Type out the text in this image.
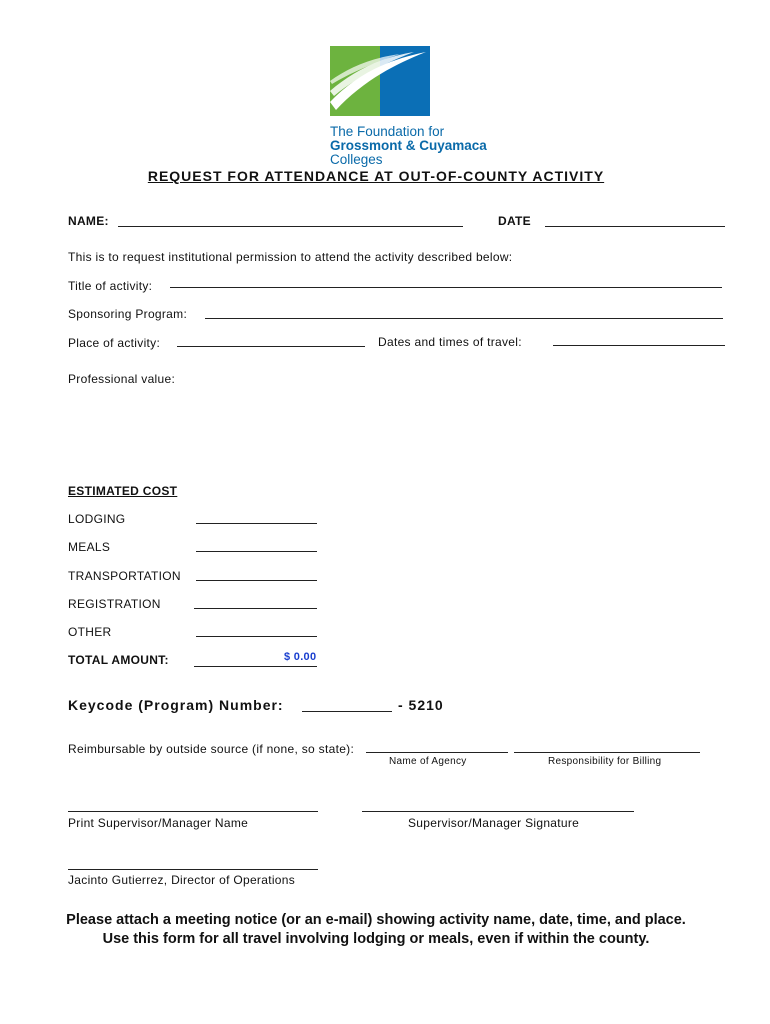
The Foundation for
Grossmont & Cuyamaca Colleges
REQUEST FOR ATTENDANCE AT OUT-OF-COUNTY ACTIVITY
NAME:	DATE
This is to request institutional permission to attend the activity described below:
Title of activity:
Sponsoring Program:
Place of activity:	Dates and times of travel:
Professional value:
ESTIMATED COST
LODGING
MEALS
TRANSPORTATION
REGISTRATION
OTHER
TOTAL AMOUNT:	$ 0.00
Keycode (Program) Number:	- 5210
Reimbursable by outside source (if none, so state):
Name of Agency	Responsibility for Billing
Print Supervisor/Manager Name	Supervisor/Manager Signature
Jacinto Gutierrez, Director of Operations
Please attach a meeting notice (or an e-mail) showing activity name, date, time, and place.
Use this form for all travel involving lodging or meals, even if within the county.
